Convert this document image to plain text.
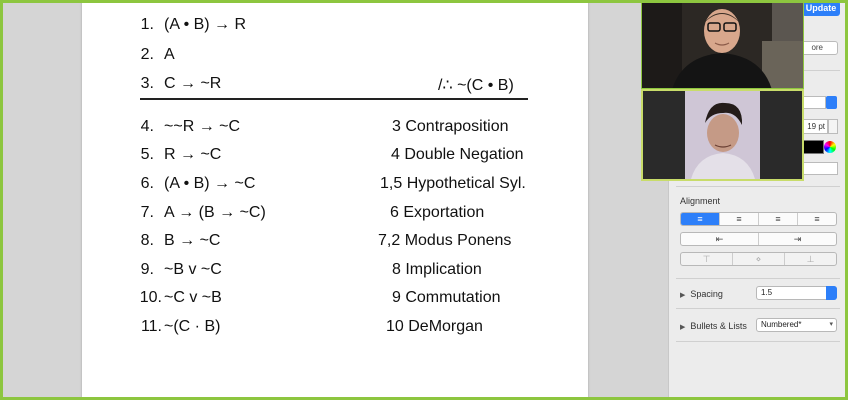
1. (A • B) → R
2. A
3. C → ~R	/∴ ~(C • B)
4. ~~R → ~C	3 Contraposition
5. R → ~C	4 Double Negation
6. (A • B) → ~C	1,5 Hypothetical Syl.
7. A → (B → ~C)	6 Exportation
8. B → ~C	7,2 Modus Ponens
9. ~B v ~C	8 Implication
10. ~C v ~B	9 Commutation
11. ~(C · B)	10 DeMorgan
Update
ore
19 pt
Alignment
≡	≡	≡	≡
⇤	⇥
⊤	⋄	⊥
▶ Spacing	1.5
▶ Bullets & Lists	Numbered*	▾
